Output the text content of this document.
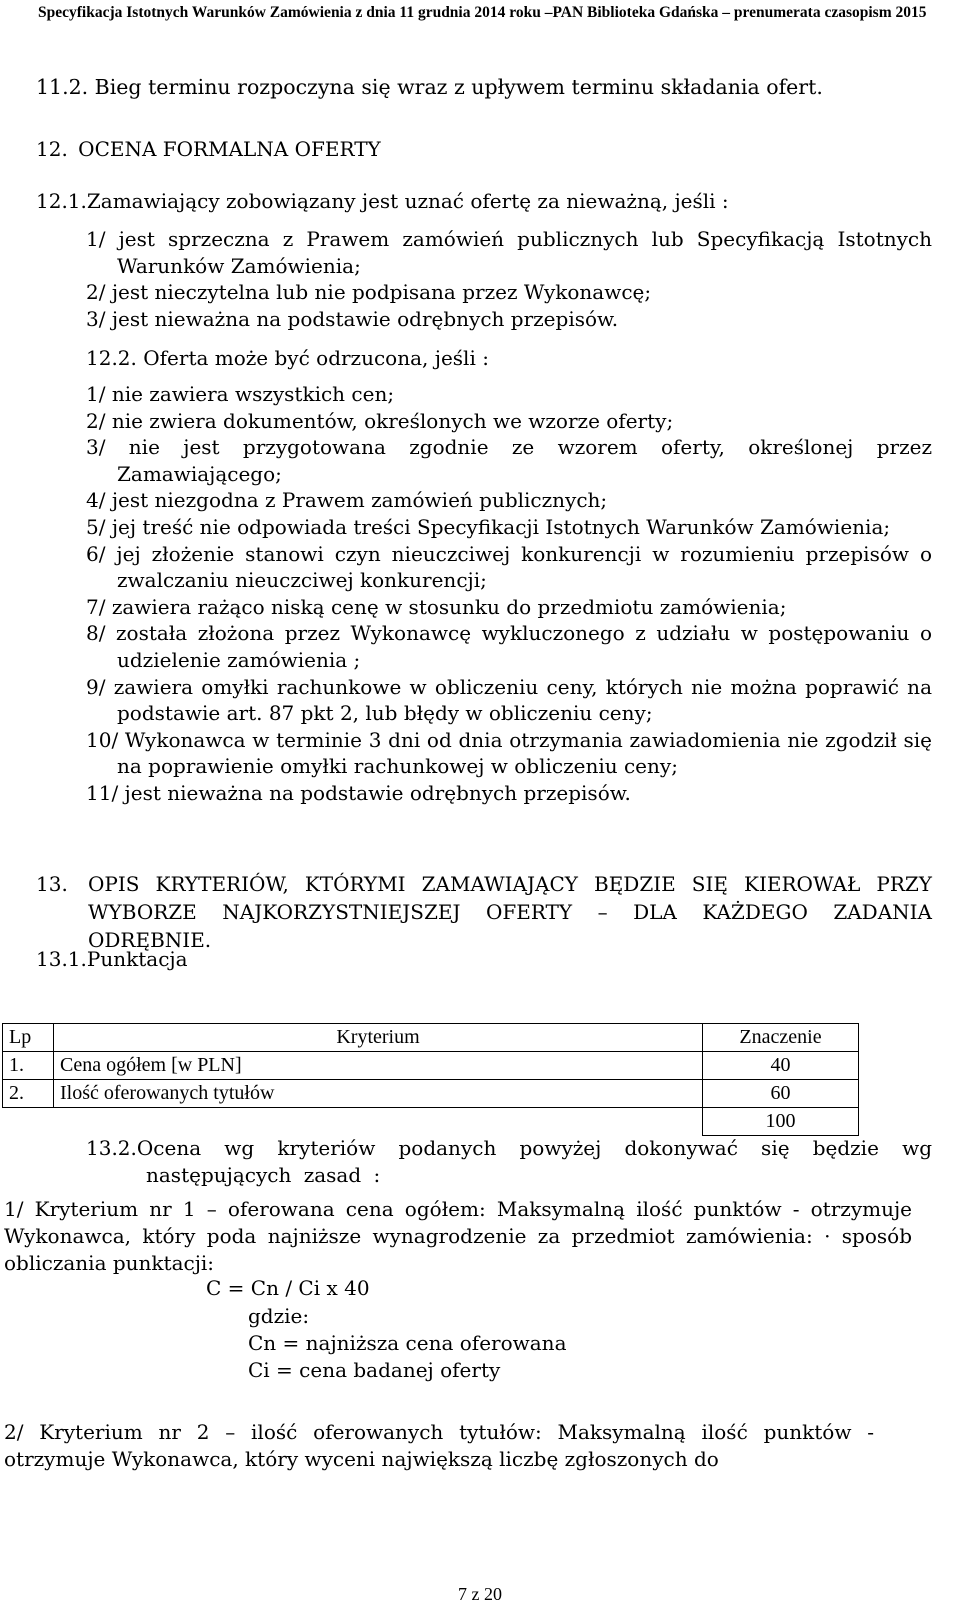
Specyfikacja Istotnych Warunków Zamówienia z dnia 11 grudnia 2014 roku –PAN Biblioteka Gdańska – prenumerata czasopism 2015
11.2. Bieg terminu rozpoczyna się wraz z upływem terminu składania ofert.
12. OCENA FORMALNA OFERTY
12.1.Zamawiający zobowiązany jest uznać ofertę za nieważną, jeśli :
1/ jest sprzeczna z Prawem zamówień publicznych lub Specyfikacją Istotnych Warunków Zamówienia;
2/ jest nieczytelna lub nie podpisana przez Wykonawcę;
3/ jest nieważna na podstawie odrębnych przepisów.
12.2. Oferta może być odrzucona, jeśli :
1/ nie zawiera wszystkich cen;
2/ nie zwiera dokumentów, określonych we wzorze oferty;
3/ nie jest przygotowana zgodnie ze wzorem oferty, określonej przez Zamawiającego;
4/ jest niezgodna z Prawem zamówień publicznych;
5/ jej treść nie odpowiada treści Specyfikacji Istotnych Warunków Zamówienia;
6/ jej złożenie stanowi czyn nieuczciwej konkurencji w rozumieniu przepisów o zwalczaniu nieuczciwej konkurencji;
7/ zawiera rażąco niską cenę w stosunku do przedmiotu zamówienia;
8/ została złożona przez Wykonawcę wykluczonego z udziału w postępowaniu o udzielenie zamówienia ;
9/ zawiera omyłki rachunkowe w obliczeniu ceny, których nie można poprawić na podstawie art. 87 pkt 2, lub błędy w obliczeniu ceny;
10/ Wykonawca w terminie 3 dni od dnia otrzymania zawiadomienia nie zgodził się na poprawienie omyłki rachunkowej w obliczeniu ceny;
11/ jest nieważna na podstawie odrębnych przepisów.
13. OPIS KRYTERIÓW, KTÓRYMI ZAMAWIAJĄCY BĘDZIE SIĘ KIEROWAŁ PRZY WYBORZE NAJKORZYSTNIEJSZEJ OFERTY – DLA KAŻDEGO ZADANIA ODRĘBNIE.
13.1.Punktacja
Lp	Kryterium	Znaczenie
1.	Cena ogółem [w PLN]	40
2.	Ilość oferowanych tytułów	60
		100
13.2.Ocena wg kryteriów podanych powyżej dokonywać się będzie wg następujących zasad :
1/ Kryterium nr 1 – oferowana cena ogółem: Maksymalną ilość punktów - otrzymuje Wykonawca, który poda najniższe wynagrodzenie za przedmiot zamówienia: · sposób obliczania punktacji:
C = Cn / Ci x 40
gdzie:
Cn = najniższa cena oferowana
Ci = cena badanej oferty
2/ Kryterium nr 2 – ilość oferowanych tytułów: Maksymalną ilość punktów - otrzymuje Wykonawca, który wyceni największą liczbę zgłoszonych do
7 z 20
